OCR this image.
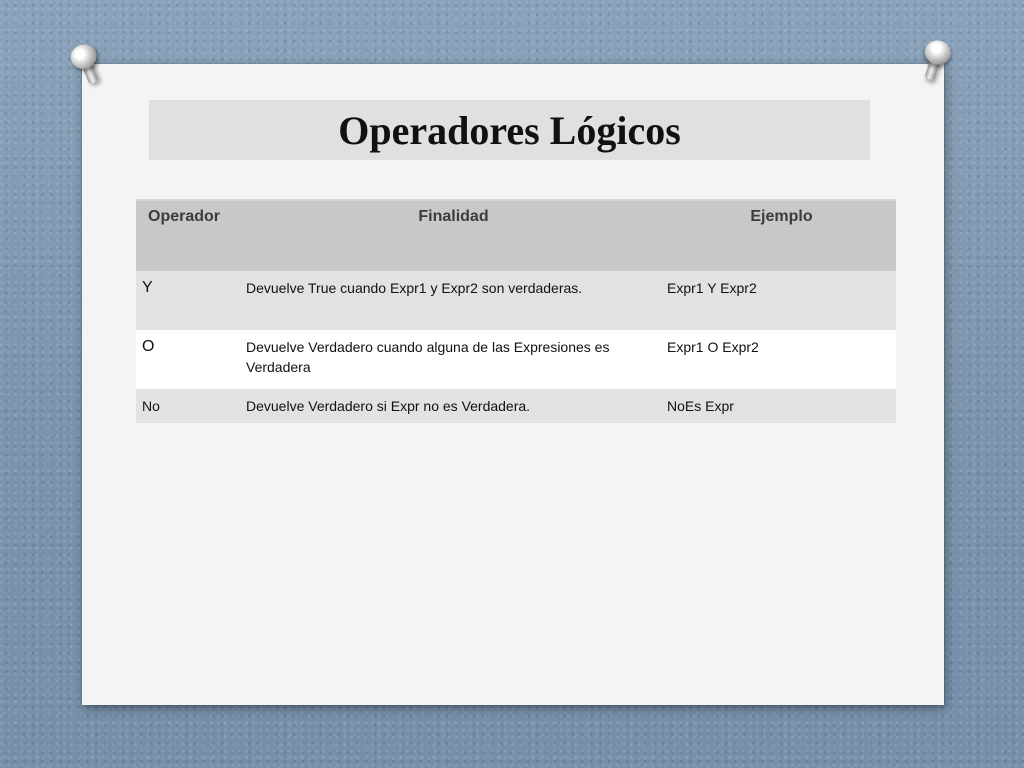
Operadores Lógicos
Operador	Finalidad	Ejemplo
Y	Devuelve True cuando Expr1 y Expr2 son verdaderas.	Expr1 Y Expr2
O	Devuelve Verdadero cuando alguna de las Expresiones es Verdadera	Expr1 O Expr2
No	Devuelve Verdadero si Expr no es Verdadera.	NoEs Expr
